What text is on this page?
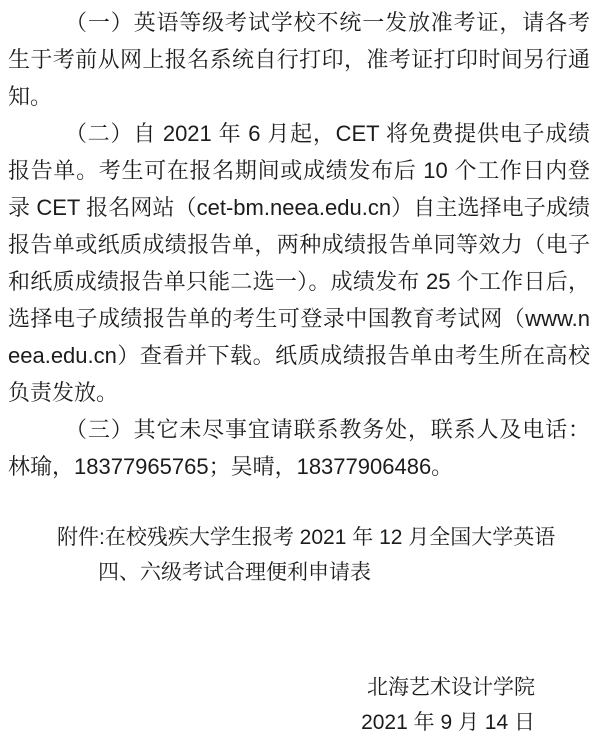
（一）英语等级考试学校不统一发放准考证，请各考生于考前从网上报名系统自行打印，准考证打印时间另行通知。

（二）自 2021 年 6 月起，CET 将免费提供电子成绩报告单。考生可在报名期间或成绩发布后 10 个工作日内登录 CET 报名网站（cet-bm.neea.edu.cn）自主选择电子成绩报告单或纸质成绩报告单，两种成绩报告单同等效力（电子和纸质成绩报告单只能二选一）。成绩发布 25 个工作日后，选择电子成绩报告单的考生可登录中国教育考试网（www.neea.edu.cn）查看并下载。纸质成绩报告单由考生所在高校负责发放。

（三）其它未尽事宜请联系教务处，联系人及电话：林瑜，18377965765；吴晴，18377906486。

附件:在校残疾大学生报考 2021 年 12 月全国大学英语四、六级考试合理便利申请表
北海艺术设计学院
2021 年 9 月 14 日
